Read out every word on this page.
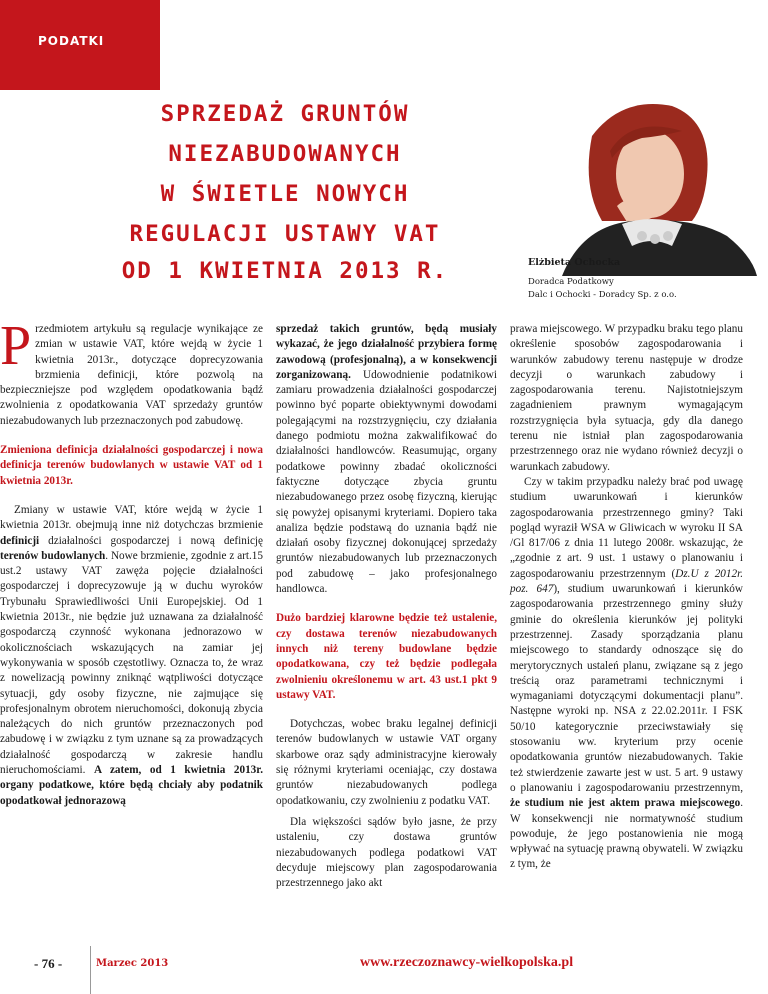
PODATKI
SPRZEDAŻ GRUNTÓW
NIEZABUDOWANYCH
W ŚWIETLE NOWYCH
REGULACJI USTAWY VAT
OD 1 KWIETNIA 2013 R.	Elżbieta Ochocka
Doradca Podatkowy
Dalc i Ochocki - Doradcy Sp. z o.o.

Przedmiotem artykułu są regulacje wynikające ze zmian w ustawie VAT, które wejdą w życie 1 kwietnia 2013r., dotyczące doprecyzowania brzmienia definicji, które pozwolą na bezpieczniejsze pod względem opodatkowania bądź zwolnienia z opodatkowania VAT sprzedaży gruntów niezabudowanych lub przeznaczonych pod zabudowę.

Zmieniona definicja działalności gospodarczej i nowa definicja terenów budowlanych w ustawie VAT od 1 kwietnia 2013r.

Zmiany w ustawie VAT, które wejdą w życie 1 kwietnia 2013r. obejmują inne niż dotychczas brzmienie definicji działalności gospodarczej i nową definicję terenów budowlanych. Nowe brzmienie, zgodnie z art.15 ust.2 ustawy VAT zawęża pojęcie działalności gospodarczej i doprecyzowuje ją w duchu wyroków Trybunału Sprawiedliwości Unii Europejskiej. Od 1 kwietnia 2013r., nie będzie już uznawana za działalność gospodarczą czynność wykonana jednorazowo w okolicznościach wskazujących na zamiar jej wykonywania w sposób częstotliwy. Oznacza to, że wraz z nowelizacją powinny zniknąć wątpliwości dotyczące sytuacji, gdy osoby fizyczne, nie zajmujące się profesjonalnym obrotem nieruchomości, dokonują zbycia należących do nich gruntów przeznaczonych pod zabudowę i w związku z tym uznane są za prowadzących działalność gospodarczą w zakresie handlu nieruchomościami. A zatem, od 1 kwietnia 2013r. organy podatkowe, które będą chciały aby podatnik opodatkował jednorazową

sprzedaż takich gruntów, będą musiały wykazać, że jego działalność przybiera formę zawodową (profesjonalną), a w konsekwencji zorganizowaną. Udowodnienie podatnikowi zamiaru prowadzenia działalności gospodarczej powinno być poparte obiektywnymi dowodami polegającymi na rozstrzygnięciu, czy działania danego podmiotu można zakwalifikować do działalności handlowców. Reasumując, organy podatkowe powinny zbadać okoliczności faktyczne dotyczące zbycia gruntu niezabudowanego przez osobę fizyczną, kierując się powyżej opisanymi kryteriami. Dopiero taka analiza będzie podstawą do uznania bądź nie działań osoby fizycznej dokonującej sprzedaży gruntów niezabudowanych lub przeznaczonych pod zabudowę – jako profesjonalnego handlowca.

Dużo bardziej klarowne będzie też ustalenie, czy dostawa terenów niezabudowanych innych niż tereny budowlane będzie opodatkowana, czy też będzie podlegała zwolnieniu określonemu w art. 43 ust.1 pkt 9 ustawy VAT.

Dotychczas, wobec braku legalnej definicji terenów budowlanych w ustawie VAT organy skarbowe oraz sądy administracyjne kierowały się różnymi kryteriami oceniając, czy dostawa gruntów niezabudowanych podlega opodatkowaniu, czy zwolnieniu z podatku VAT.

Dla większości sądów było jasne, że przy ustaleniu, czy dostawa gruntów niezabudowanych podlega podatkowi VAT decyduje miejscowy plan zagospodarowania przestrzennego jako akt

prawa miejscowego. W przypadku braku tego planu określenie sposobów zagospodarowania i warunków zabudowy terenu następuje w drodze decyzji o warunkach zabudowy i zagospodarowania terenu. Najistotniejszym zagadnieniem prawnym wymagającym rozstrzygnięcia była sytuacja, gdy dla danego terenu nie istniał plan zagospodarowania przestrzennego oraz nie wydano również decyzji o warunkach zabudowy.

Czy w takim przypadku należy brać pod uwagę studium uwarunkowań i kierunków zagospodarowania przestrzennego gminy? Taki pogląd wyraził WSA w Gliwicach w wyroku II SA /Gl 817/06 z dnia 11 lutego 2008r. wskazując, że „zgodnie z art. 9 ust. 1 ustawy o planowaniu i zagospodarowaniu przestrzennym (Dz.U z 2012r. poz. 647), studium uwarunkowań i kierunków zagospodarowania przestrzennego gminy służy gminie do określenia kierunków jej polityki przestrzennej. Zasady sporządzania planu miejscowego to standardy odnoszące się do merytorycznych ustaleń planu, związane są z jego treścią oraz parametrami technicznymi i wymaganiami dotyczącymi dokumentacji planu”. Następne wyroki np. NSA z 22.02.2011r. I FSK 50/10 kategorycznie przeciwstawiały się stosowaniu ww. kryterium przy ocenie opodatkowania gruntów niezabudowanych. Takie też stwierdzenie zawarte jest w ust. 5 art. 9 ustawy o planowaniu i zagospodarowaniu przestrzennym, że studium nie jest aktem prawa miejscowego. W konsekwencji nie normatywność studium powoduje, że jego postanowienia nie mogą wpływać na sytuację prawną obywateli. W związku z tym, że

- 76 -	Marzec 2013	www.rzeczoznawcy-wielkopolska.pl
